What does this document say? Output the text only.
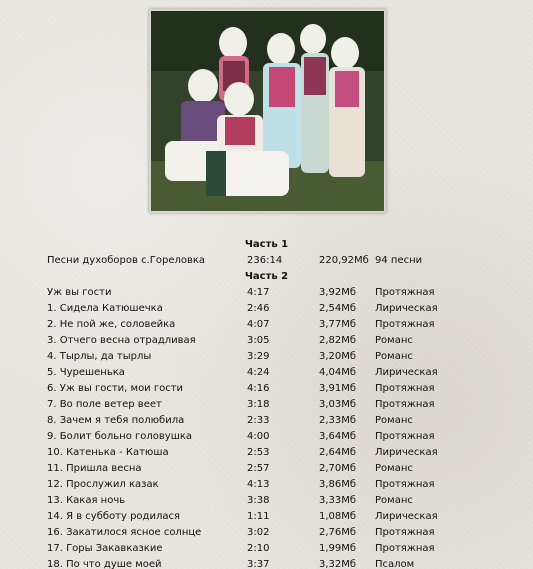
Часть 1
Песни духоборов с.Гореловка	236:14	220,92Мб 94 песни
Часть 2
Уж вы гости	4:17	3,92Мб Протяжная
1. Сидела Катюшечка	2:46	2,54Мб Лирическая
2. Не пой же, соловейка	4:07	3,77Мб Протяжная
3. Отчего весна отрадливая	3:05	2,82Мб Романс
4. Тырлы, да тырлы	3:29	3,20Мб Романс
5. Чурешенька	4:24	4,04Мб Лирическая
6. Уж вы гости, мои гости	4:16	3,91Мб Протяжная
7. Во поле ветер веет	3:18	3,03Мб Протяжная
8. Зачем я тебя полюбила	2:33	2,33Мб Романс
9. Болит больно головушка	4:00	3,64Мб Протяжная
10. Катенька - Катюша	2:53	2,64Мб Лирическая
11. Пришла весна	2:57	2,70Мб Романс
12. Прослужил казак	4:13	3,86Мб Протяжная
13. Какая ночь	3:38	3,33Мб Романс
14. Я в субботу родилася	1:11	1,08Мб Лирическая
16. Закатилося ясное солнце	3:02	2,76Мб Протяжная
17. Горы Закавказкие	2:10	1,99Мб Протяжная
18. По что душе моей	3:37	3,32Мб Псалом
